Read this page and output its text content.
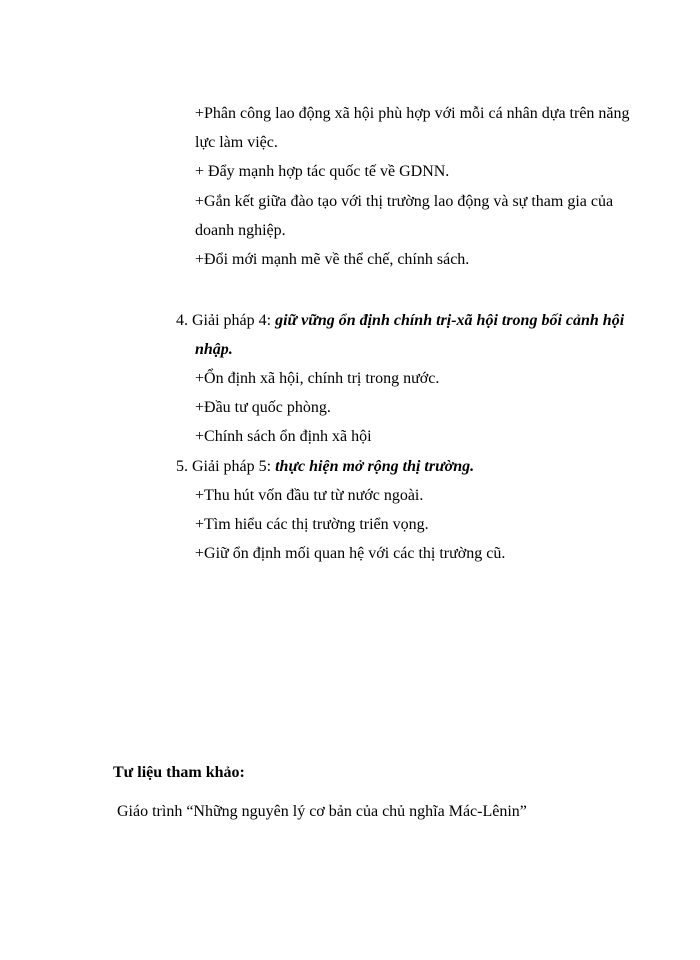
+Phân công lao động xã hội phù hợp với mỗi cá nhân dựa trên năng
lực làm việc.
+ Đẩy mạnh hợp tác quốc tế về GDNN.
+Gắn kết giữa đào tạo với thị trường lao động và sự tham gia của
doanh nghiệp.
+Đổi mới mạnh mẽ về thể chế, chính sách.
4. Giải pháp 4: giữ vững ổn định chính trị-xã hội trong bối cảnh hội
nhập.
+Ổn định xã hội, chính trị trong nước.
+Đầu tư quốc phòng.
+Chính sách ổn định xã hội
5. Giải pháp 5: thực hiện mở rộng thị trường.
+Thu hút vốn đầu tư từ nước ngoài.
+Tìm hiểu các thị trường triển vọng.
+Giữ ổn định mối quan hệ với các thị trường cũ.
Tư liệu tham khảo:
Giáo trình “Những nguyên lý cơ bản của chủ nghĩa Mác-Lênin”
